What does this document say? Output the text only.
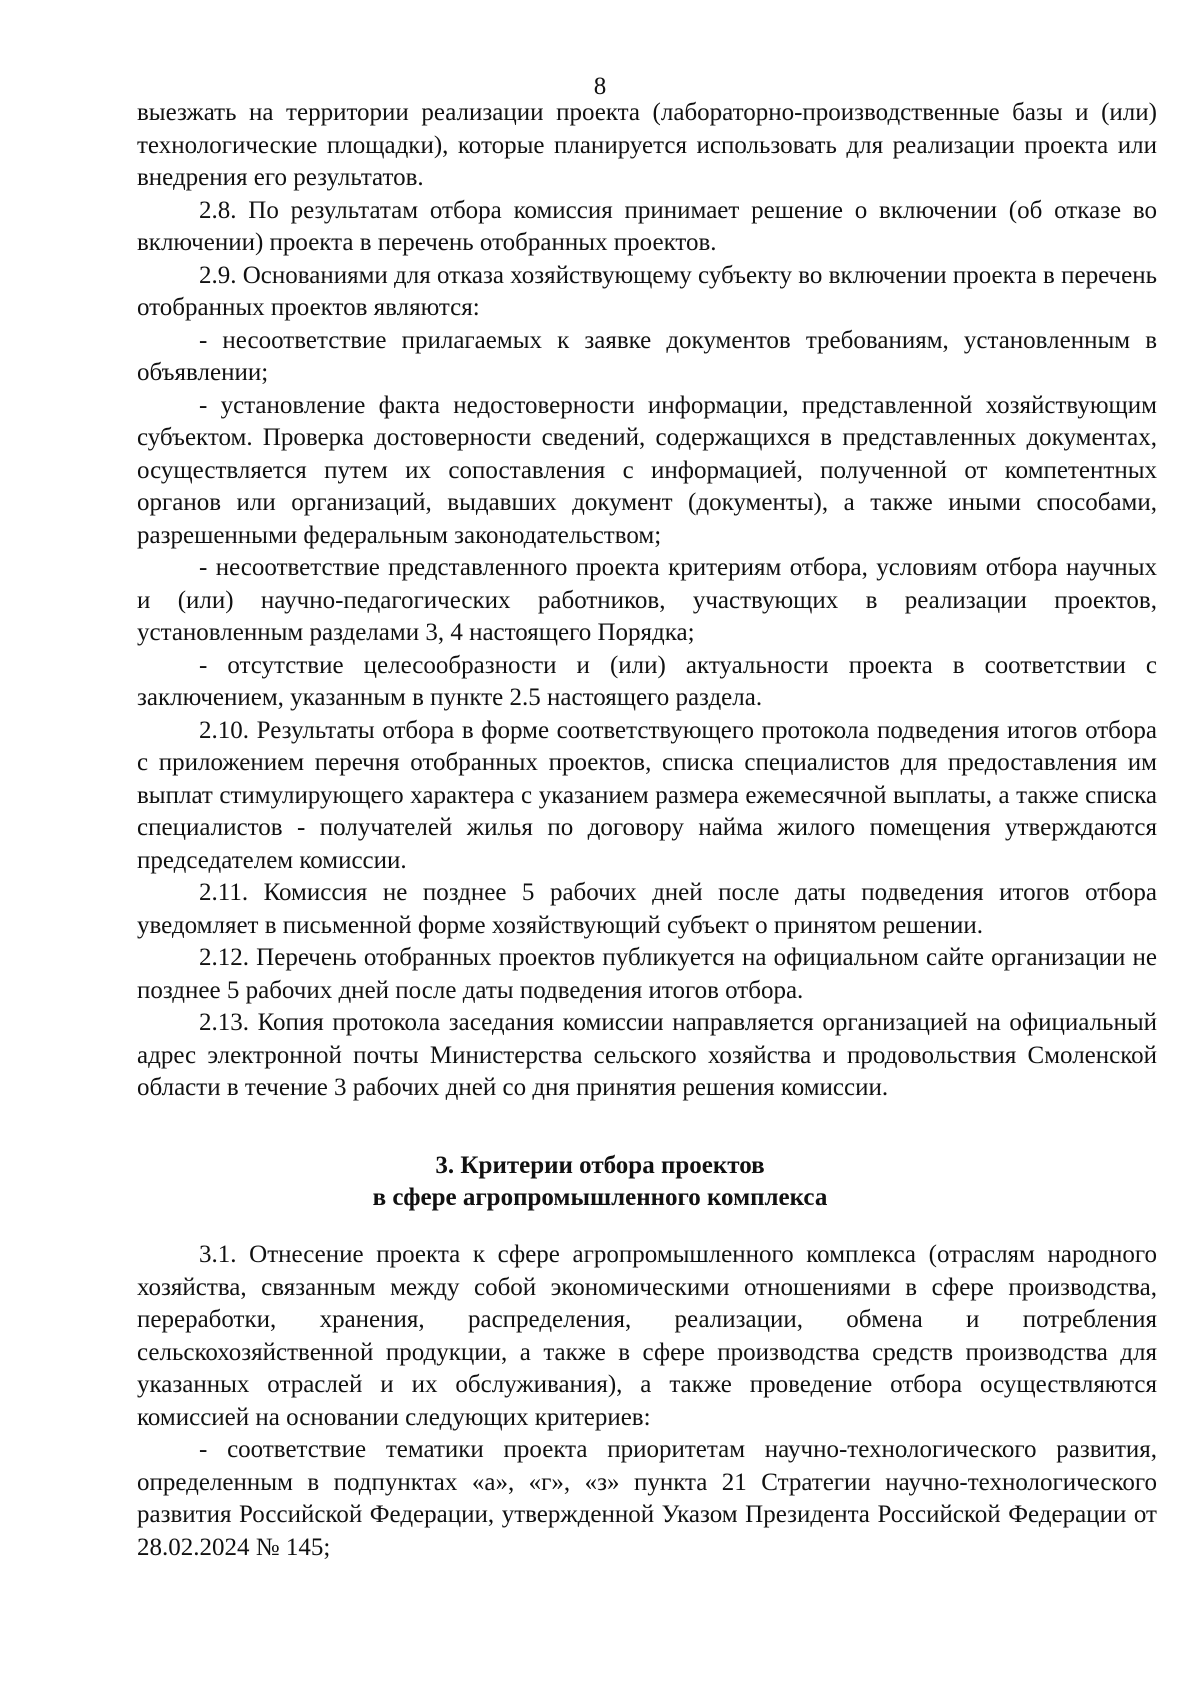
8

выезжать на территории реализации проекта (лабораторно-производственные базы и (или) технологические площадки), которые планируется использовать для реализации проекта или внедрения его результатов.

2.8. По результатам отбора комиссия принимает решение о включении (об отказе во включении) проекта в перечень отобранных проектов.

2.9. Основаниями для отказа хозяйствующему субъекту во включении проекта в перечень отобранных проектов являются:

- несоответствие прилагаемых к заявке документов требованиям, установленным в объявлении;

- установление факта недостоверности информации, представленной хозяйствующим субъектом. Проверка достоверности сведений, содержащихся в представленных документах, осуществляется путем их сопоставления с информацией, полученной от компетентных органов или организаций, выдавших документ (документы), а также иными способами, разрешенными федеральным законодательством;

- несоответствие представленного проекта критериям отбора, условиям отбора научных и (или) научно-педагогических работников, участвующих в реализации проектов, установленным разделами 3, 4 настоящего Порядка;

- отсутствие целесообразности и (или) актуальности проекта в соответствии с заключением, указанным в пункте 2.5 настоящего раздела.

2.10. Результаты отбора в форме соответствующего протокола подведения итогов отбора с приложением перечня отобранных проектов, списка специалистов для предоставления им выплат стимулирующего характера с указанием размера ежемесячной выплаты, а также списка специалистов - получателей жилья по договору найма жилого помещения утверждаются председателем комиссии.

2.11. Комиссия не позднее 5 рабочих дней после даты подведения итогов отбора уведомляет в письменной форме хозяйствующий субъект о принятом решении.

2.12. Перечень отобранных проектов публикуется на официальном сайте организации не позднее 5 рабочих дней после даты подведения итогов отбора.

2.13. Копия протокола заседания комиссии направляется организацией на официальный адрес электронной почты Министерства сельского хозяйства и продовольствия Смоленской области в течение 3 рабочих дней со дня принятия решения комиссии.

3. Критерии отбора проектов
в сфере агропромышленного комплекса

3.1. Отнесение проекта к сфере агропромышленного комплекса (отраслям народного хозяйства, связанным между собой экономическими отношениями в сфере производства, переработки, хранения, распределения, реализации, обмена и потребления сельскохозяйственной продукции, а также в сфере производства средств производства для указанных отраслей и их обслуживания), а также проведение отбора осуществляются комиссией на основании следующих критериев:

- соответствие тематики проекта приоритетам научно-технологического развития, определенным в подпунктах «а», «г», «з» пункта 21 Стратегии научно-технологического развития Российской Федерации, утвержденной Указом Президента Российской Федерации от 28.02.2024 № 145;
